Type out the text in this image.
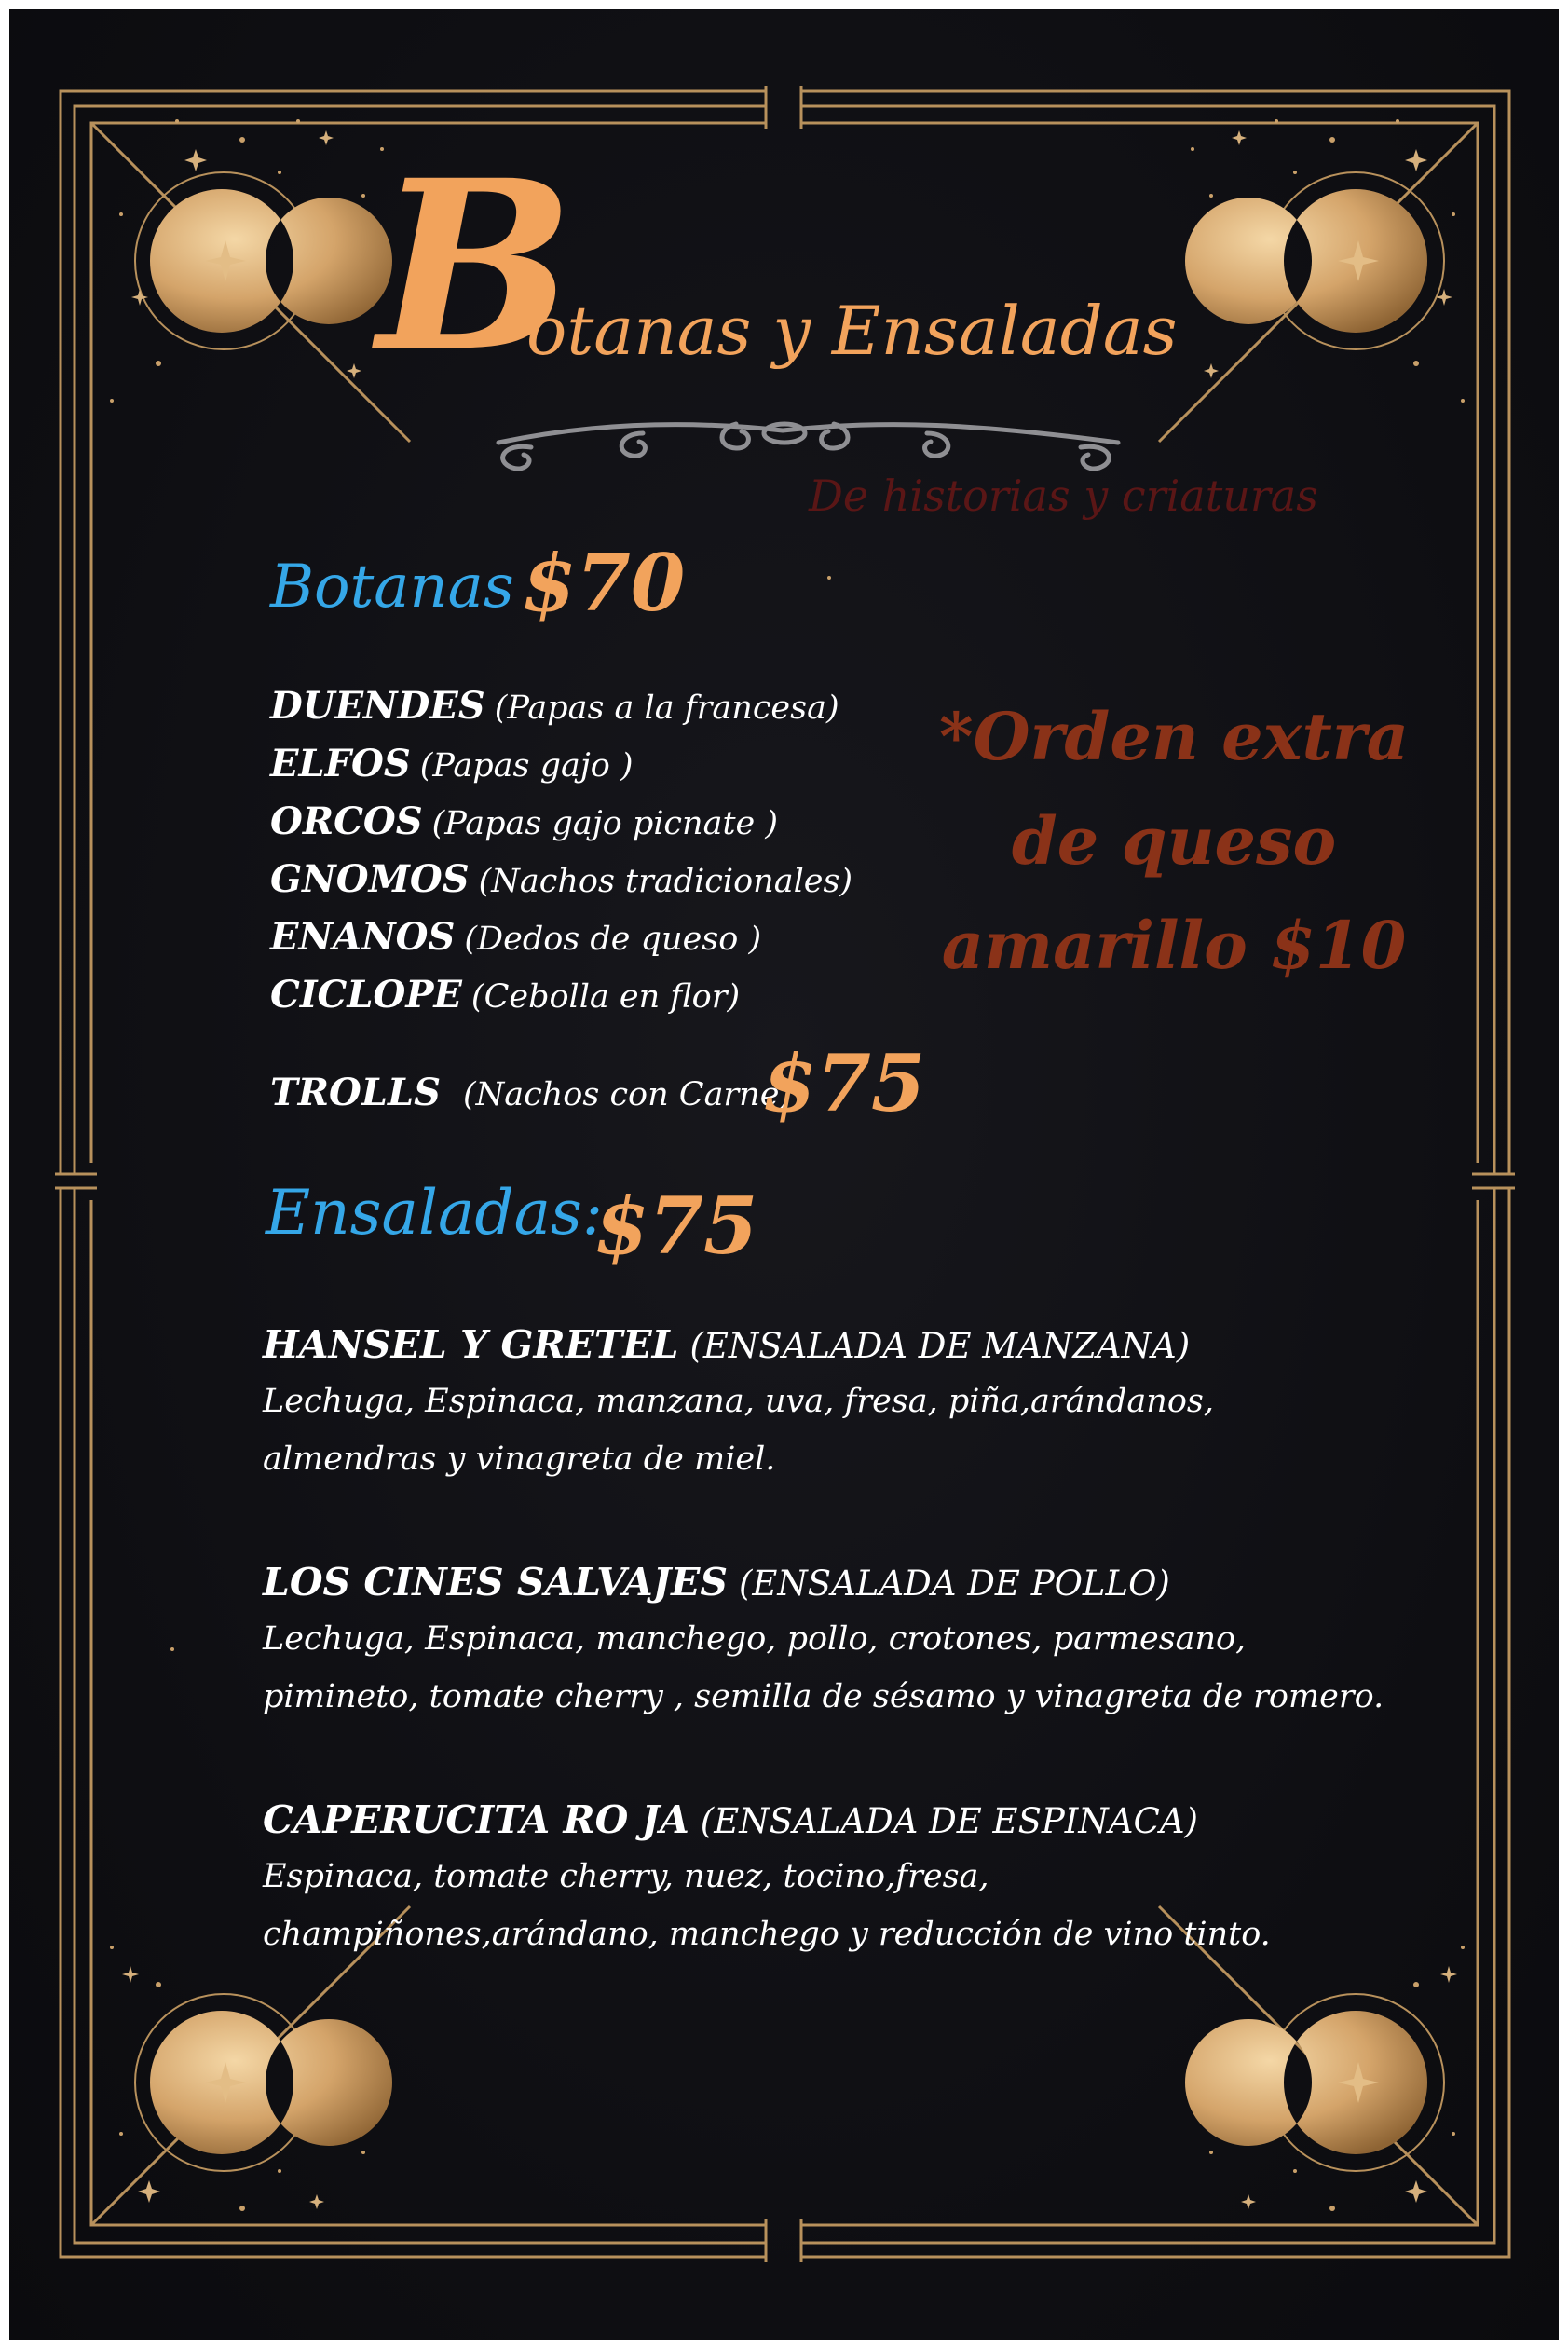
B
otanas y Ensaladas
De historias y criaturas
Botanas $70
DUENDES (Papas a la francesa)
ELFOS (Papas gajo )
ORCOS (Papas gajo picnate )
GNOMOS (Nachos tradicionales)
ENANOS (Dedos de queso )
CICLOPE (Cebolla en flor)
TROLLS (Nachos con Carne)
$75
*Orden extra
de queso
amarillo $10
Ensaladas:
$75
HANSEL Y GRETEL (ENSALADA DE MANZANA)
Lechuga, Espinaca, manzana, uva, fresa, piña,arándanos,
almendras y vinagreta de miel.
LOS CINES SALVAJES (ENSALADA DE POLLO)
Lechuga, Espinaca, manchego, pollo, crotones, parmesano,
pimineto, tomate cherry , semilla de sésamo y vinagreta de romero.
CAPERUCITA RO JA (ENSALADA DE ESPINACA)
Espinaca, tomate cherry, nuez, tocino,fresa,
champiñones,arándano, manchego y reducción de vino tinto.
